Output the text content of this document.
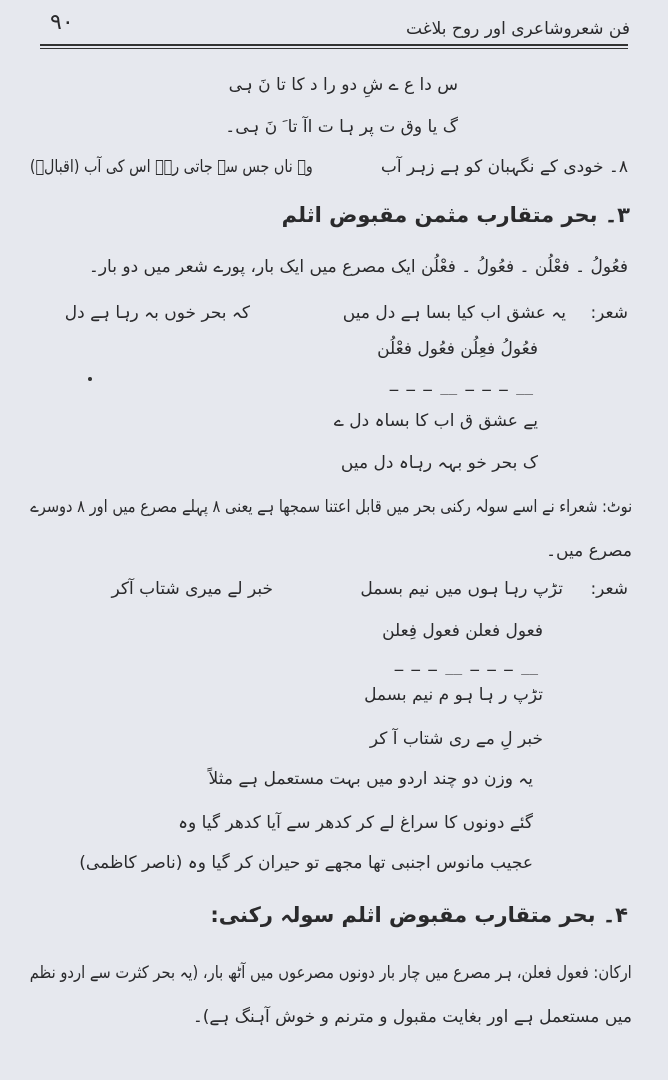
فن شعروشاعری اور روح بلاغت
۹۰
س دا ع ے شِ دو را د کا تا نَ ہی
گ یا وق ت پر ہا ت اآ تا َ نَ ہی۔
۸۔ خودی کے نگہبان کو ہے زہر آب
وہ ناں جس سے جاتی رہے اس کی آب (اقبالؔ)
۳۔ بحر متقارب مثمن مقبوض اثلم
فعُولُ ۔ فعْلُن ۔ فعُولُ ۔ فعْلُن ایک مصرع میں ایک بار، پورے شعر میں دو بار۔
شعر:
یہ عشق اب کیا بسا ہے دل میں
کہ بحر خوں بہ رہا ہے دل
فعُولُ فعِلُن فعُول فعْلُن
__ ـ ـ ـ __ ـ ـ ـ
یے عشق ق اب کا بساہ دل ے
ک بحر خو بہہ رہاہ دل میں
نوٹ: شعراء نے اسے سولہ رکنی بحر میں قابل اعتنا سمجھا ہے یعنی ۸ پہلے مصرع میں اور ۸ دوسرے
مصرع میں۔
شعر:
تڑپ رہا ہوں میں نیم بسمل
خبر لے میری شتاب آکر
فعول فعلن فعول فِعلن
__ ـ ـ ـ __ ـ ـ ـ
تڑپ ر ہا ہو م نیم بسمل
خبر لِ مے ری شتاب آ کر
یہ وزن دو چند اردو میں بہت مستعمل ہے مثلاً
گئے دونوں کا سراغ لے کر کدھر سے آیا کدھر گیا وہ
عجیب مانوس اجنبی تھا مجھے تو حیران کر گیا وہ (ناصر کاظمی)
۴۔ بحر متقارب مقبوض اثلم سولہ رکنی:
ارکان: فعول فعلن، ہر مصرع میں چار بار دونوں مصرعوں میں آٹھ بار، (یہ بحر کثرت سے اردو نظم
میں مستعمل ہے اور بغایت مقبول و مترنم و خوش آہنگ ہے)۔
